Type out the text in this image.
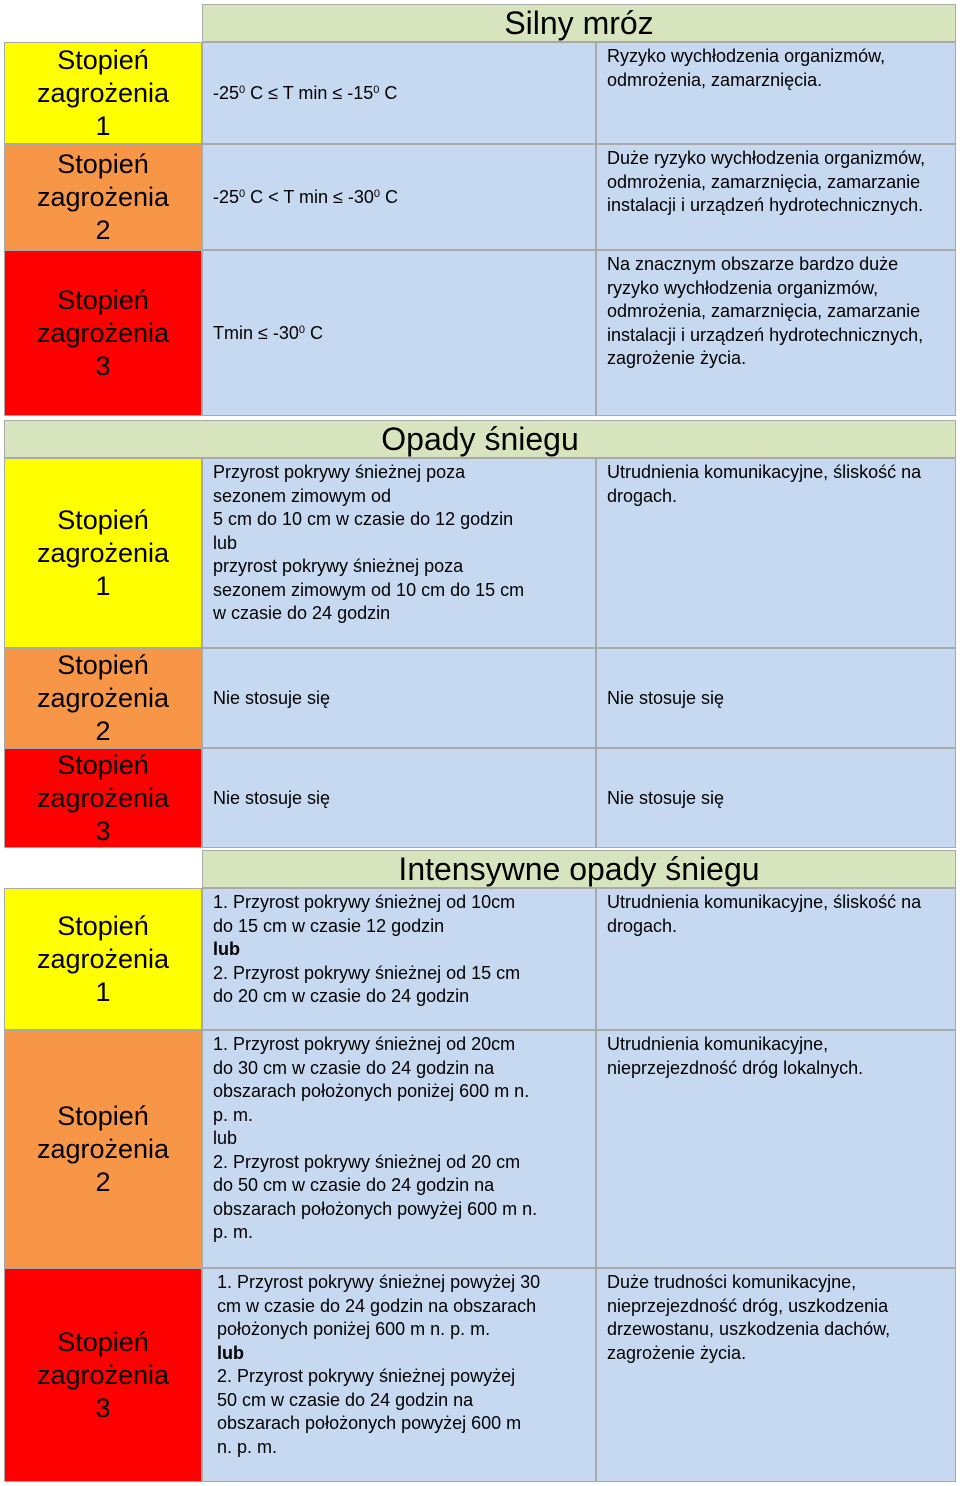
Silny mróz
Stopień
zagrożenia
1
Stopień
zagrożenia
2
Stopień
zagrożenia
3
$-25^0$ C ≤ T $\min \le -15^0$ C
$-25^0$ C < T $\min \le -30^0$ C
$Tmin \le -30^0$ C

Ryzyko wychłodzenia organizmów, odmrożenia, zamarznięcia.

Duże ryzyko wychłodzenia organizmów, odmrożenia, zamarznięcia, zamarzanie instalacji i urządzeń hydrotechnicznych.

Na znacznym obszarze bardzo duże ryzyko wychłodzenia organizmów, odmrożenia, zamarznięcia, zamarzanie instalacji i urządzeń hydrotechnicznych, zagrożenie życia.

Opady śniegu
Stopień
zagrożenia
1
Stopień
zagrożenia
2
Stopień
zagrożenia
3

Przyrost pokrywy śnieżnej poza

sezonem zimowym od

5 cm do 10 cm w czasie do 12 godzin

lub

przyrost pokrywy śnieżnej poza

sezonem zimowym od 10 cm do 15 cm

w czasie do 24 godzin

Nie stosuje się
Nie stosuje się

Utrudnienia komunikacyjne, śliskość na drogach.

Nie stosuje się
Nie stosuje się
Intensywne opady śniegu
Stopień
zagrożenia
1
Stopień
zagrożenia
2
Stopień
zagrożenia
3

1. Przyrost pokrywy śnieżnej od 10cm

do 15 cm w czasie 12 godzin

lub

2. Przyrost pokrywy śnieżnej od 15 cm

do 20 cm w czasie do 24 godzin

1. Przyrost pokrywy śnieżnej od 20cm

do 30 cm w czasie do 24 godzin na

obszarach położonych poniżej 600 m n.

p. m.

lub

2. Przyrost pokrywy śnieżnej od 20 cm

do 50 cm w czasie do 24 godzin na

obszarach położonych powyżej 600 m n.

p. m.

1. Przyrost pokrywy śnieżnej powyżej 30

cm w czasie do 24 godzin na obszarach

położonych poniżej 600 m n. p. m.

lub

2. Przyrost pokrywy śnieżnej powyżej

50 cm w czasie do 24 godzin na

obszarach położonych powyżej 600 m

n. p. m.

Utrudnienia komunikacyjne, śliskość na drogach.

Utrudnienia komunikacyjne, nieprzejezdność dróg lokalnych.

Duże trudności komunikacyjne, nieprzejezdność dróg, uszkodzenia drzewostanu, uszkodzenia dachów, zagrożenie życia.
